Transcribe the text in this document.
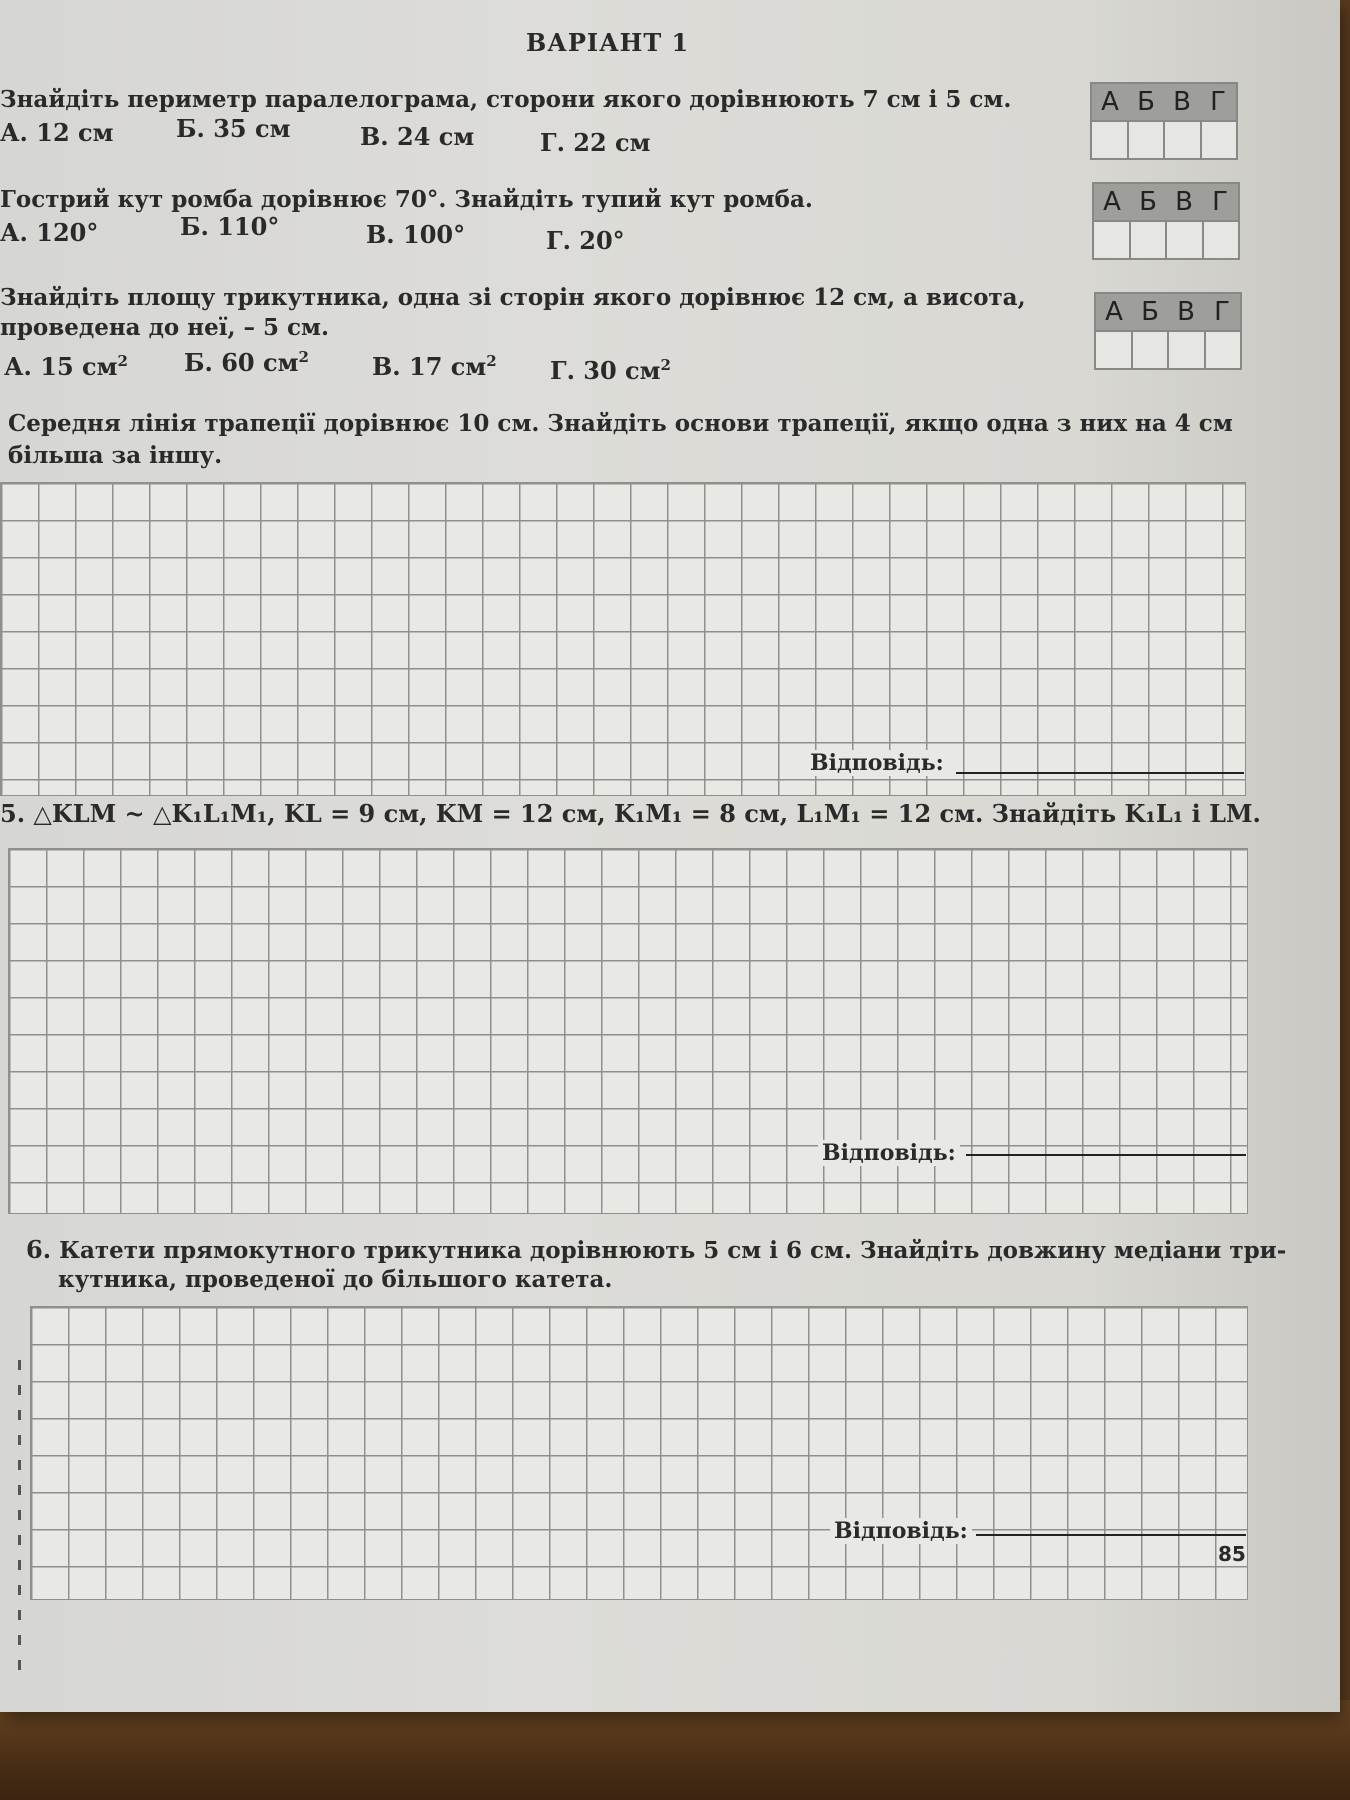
ВАРІАНТ 1
Знайдіть периметр паралелограма, сторони якого дорівнюють 7 см і 5 см.
А. 12 см	Б. 35 см	В. 24 см	Г. 22 см
А Б В Г
Гострий кут ромба дорівнює 70°. Знайдіть тупий кут ромба.
А. 120°	Б. 110°	В. 100°	Г. 20°
А Б В Г
Знайдіть площу трикутника, одна зі сторін якого дорівнює 12 см, а висота,
проведена до неї, – 5 см.
А. 15 $см^2$ Б. 60 $см^2$	В. 17 $см^2$ Г. 30 $см^2$
А Б В Г
Середня лінія трапеції дорівнює 10 см. Знайдіть основи трапеції, якщо одна з них на 4 см
більша за іншу.
Відповідь:
5. △KLM ~ △K₁L₁M₁, KL = 9 см, KM = 12 см, K₁M₁ = 8 см, L₁M₁ = 12 см. Знайдіть K₁L₁ і LM.
Відповідь:
6. Катети прямокутного трикутника дорівнюють 5 см і 6 см. Знайдіть довжину медіани три-
кутника, проведеної до більшого катета.
Відповідь:
85
